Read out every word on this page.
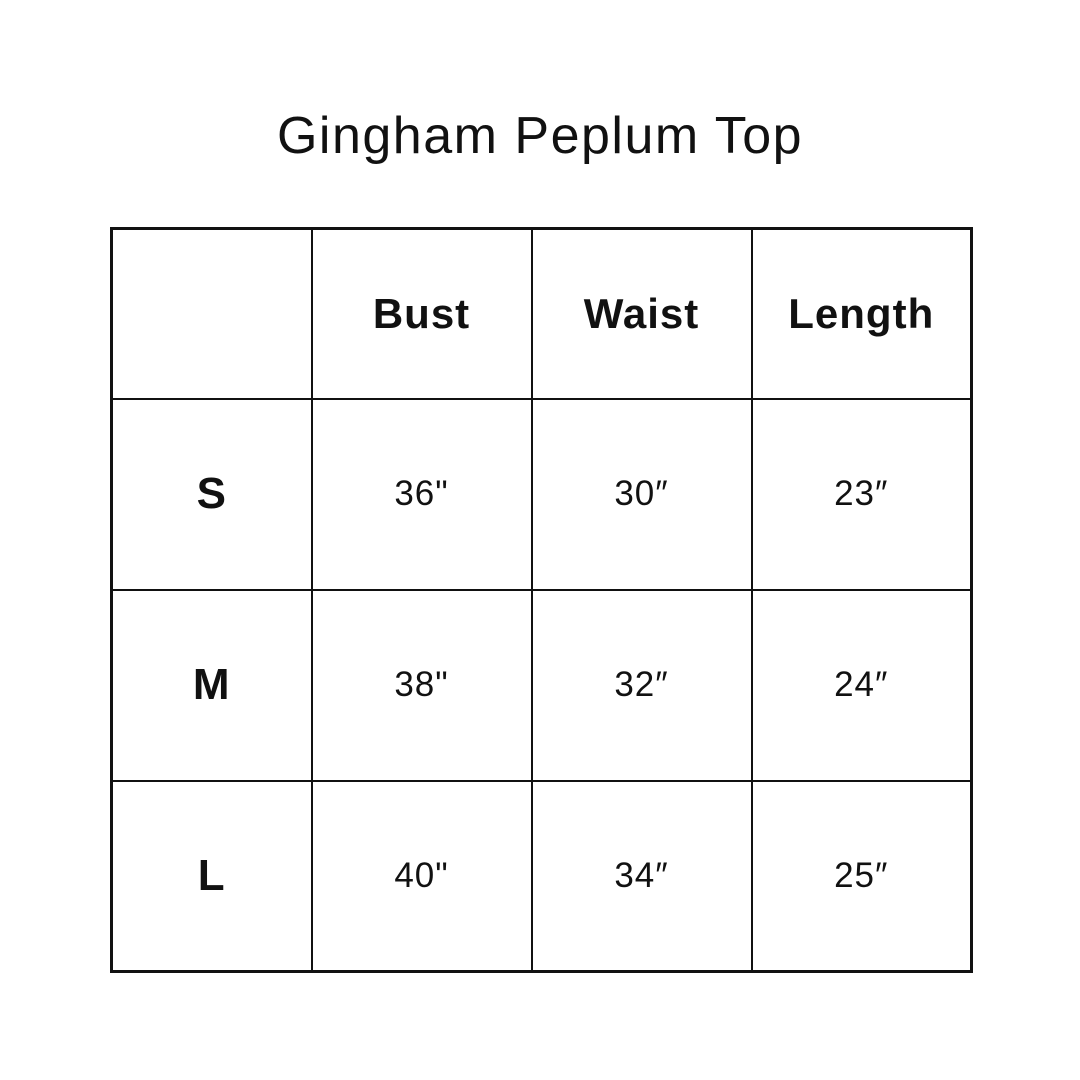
Gingham Peplum Top
	Bust	Waist	Length
S	36"	30″	23″
M	38"	32″	24″
L	40"	34″	25″
